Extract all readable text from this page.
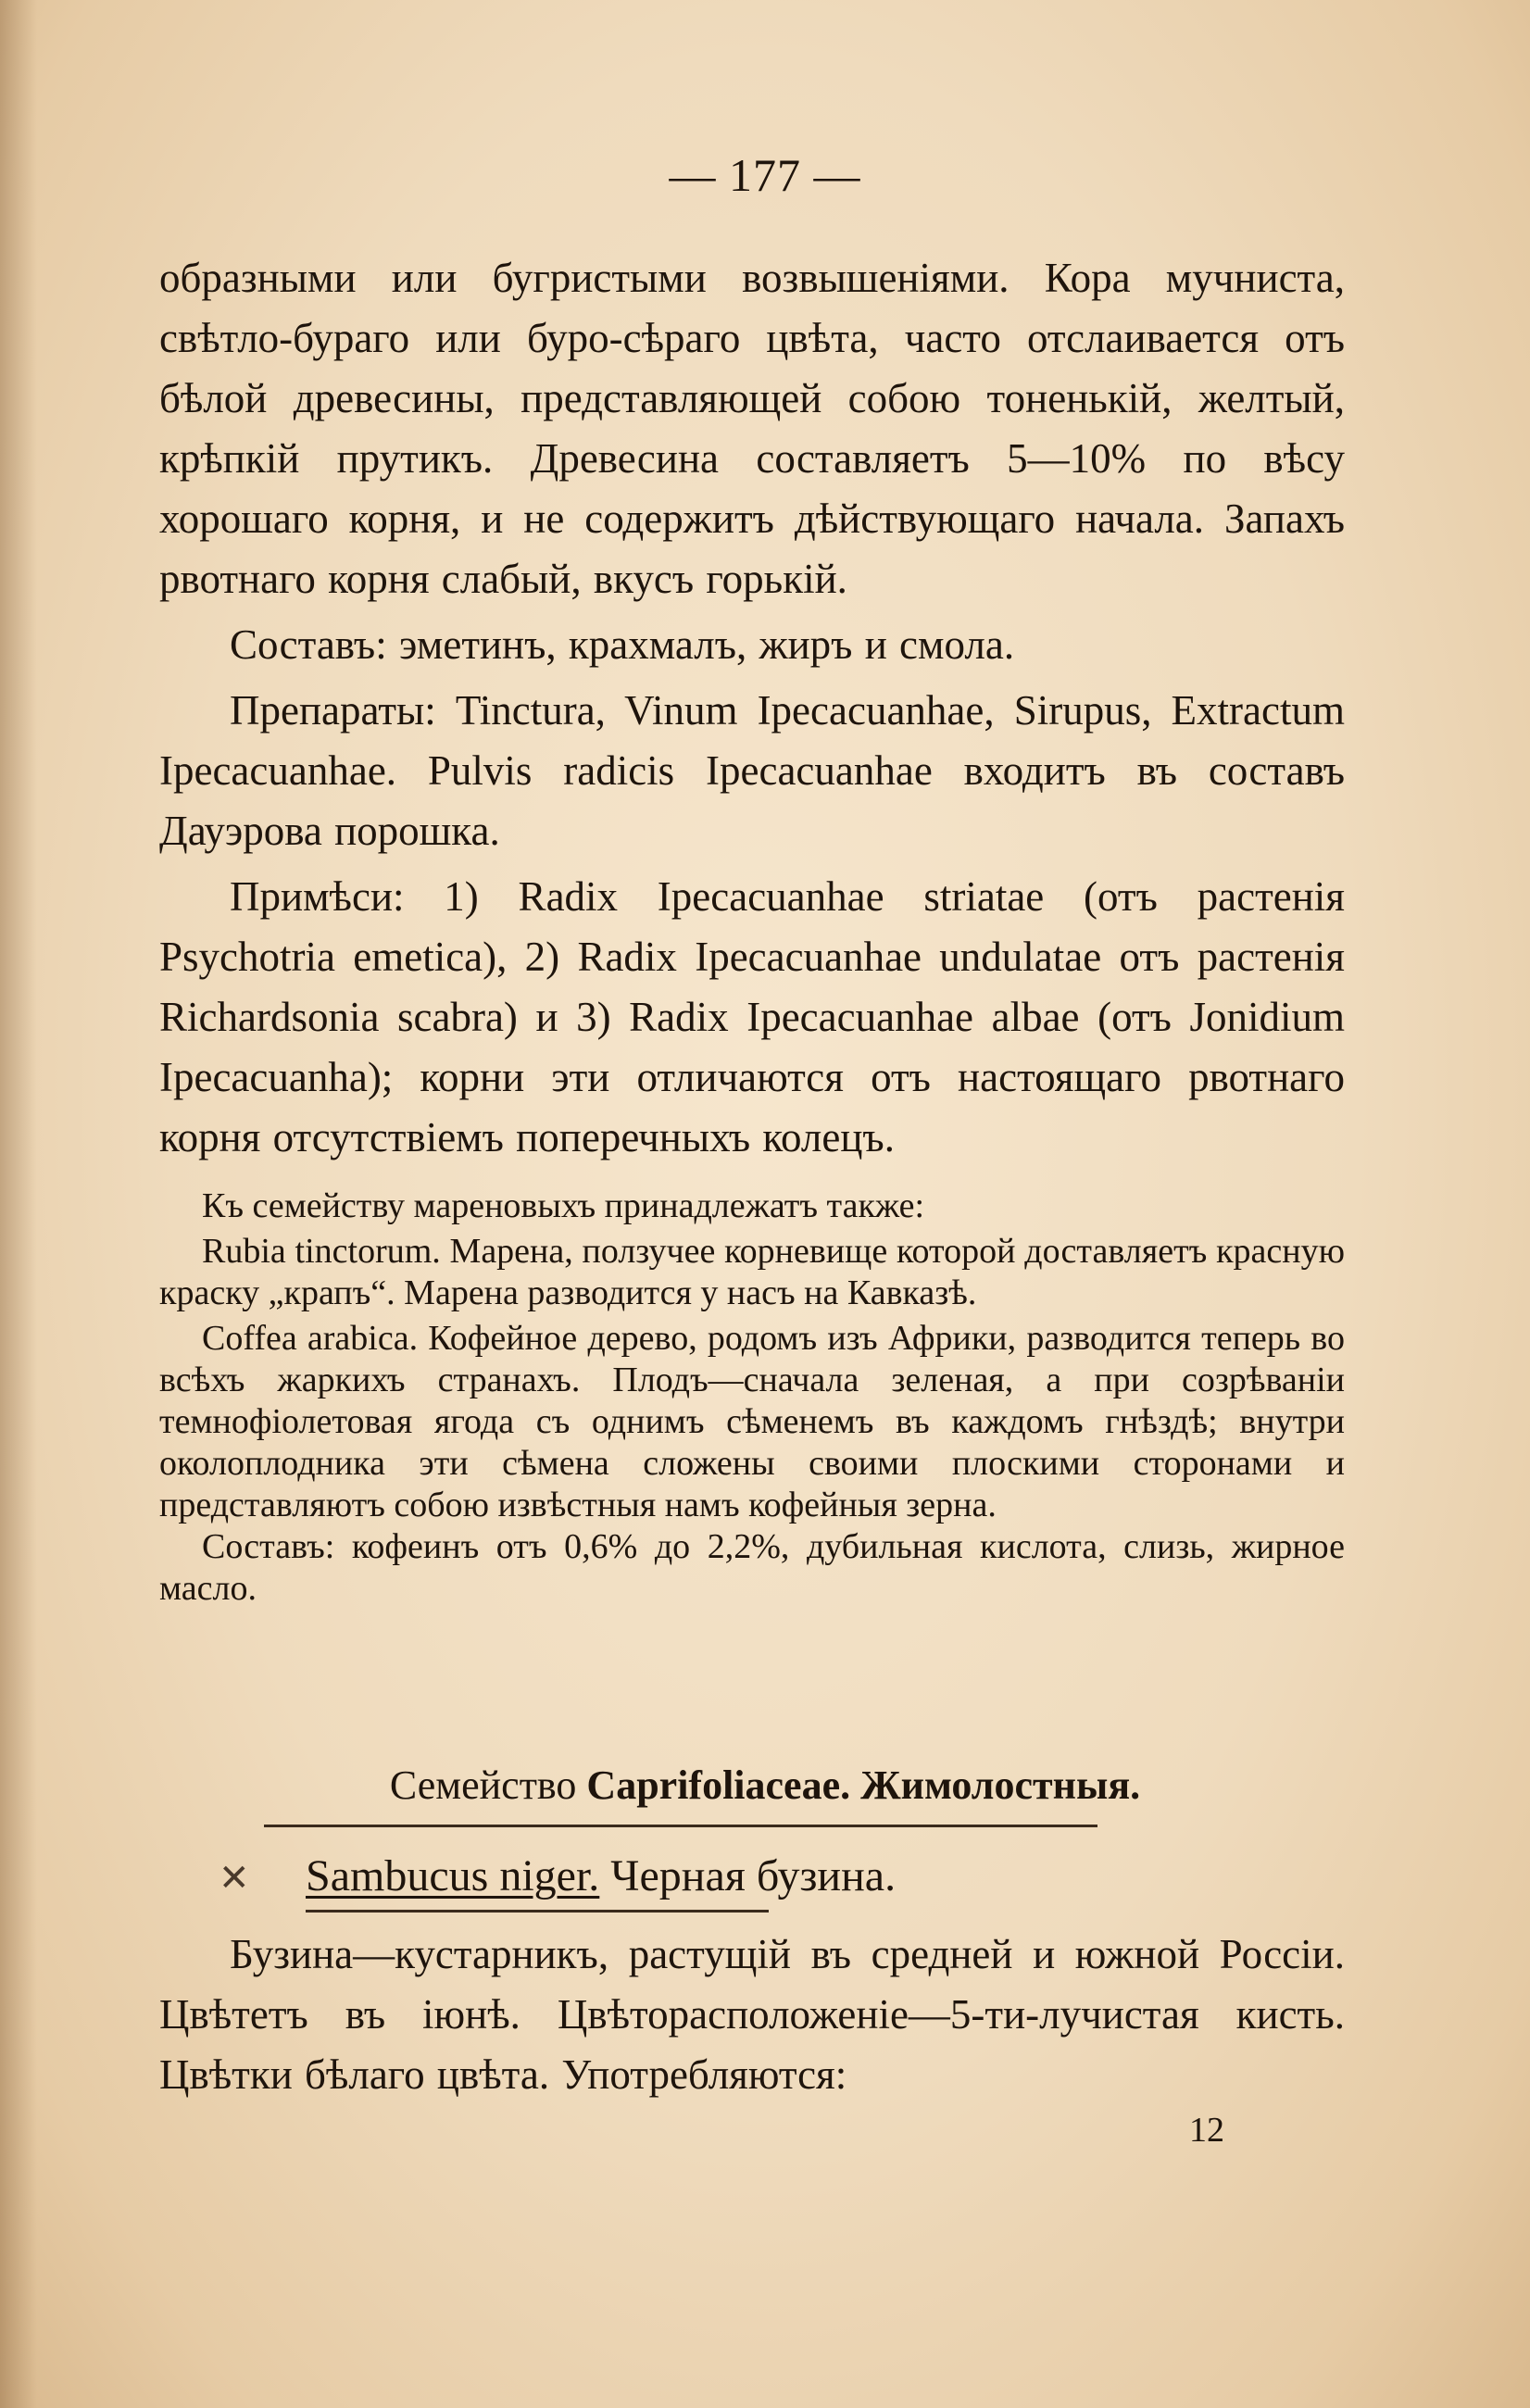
— 177 —

образными или бугристыми возвышеніями. Кора мучниста, свѣтло-бураго или буро-сѣраго цвѣта, часто отслаивается отъ бѣлой древесины, представляющей собою тоненькій, желтый, крѣпкій прутикъ. Древесина составляетъ 5—10% по вѣсу хорошаго корня, и не содержитъ дѣйствующаго начала. Запахъ рвотнаго корня слабый, вкусъ горькій.

Составъ: эметинъ, крахмалъ, жиръ и смола.

Препараты: Tinctura, Vinum Ipecacuanhae, Sirupus, Extractum Ipecacuanhae. Pulvis radicis Ipecacuanhae входитъ въ составъ Дауэрова порошка.

Примѣси: 1) Radix Ipecacuanhae striatae (отъ растенія Psychotria emetica), 2) Radix Ipecacuanhae undulatae отъ растенія Richardsonia scabra) и 3) Radix Ipecacuanhae albae (отъ Jonidium Ipecacuanha); корни эти отличаются отъ настоящаго рвотнаго корня отсутствіемъ поперечныхъ колецъ.

Къ семейству мареновыхъ принадлежатъ также:

Rubia tinctorum. Марена, ползучее корневище которой доставляетъ красную краску „крапъ“. Марена разводится у насъ на Кавказѣ.

Coffea arabica. Кофейное дерево, родомъ изъ Африки, разводится теперь во всѣхъ жаркихъ странахъ. Плодъ—сначала зеленая, а при созрѣваніи темнофіолетовая ягода съ однимъ сѣменемъ въ каждомъ гнѣздѣ; внутри околоплодника эти сѣмена сложены своими плоскими сторонами и представляютъ собою извѣстныя намъ кофейныя зерна.

Составъ: кофеинъ отъ 0,6% до 2,2%, дубильная кислота, слизь, жирное масло.

Семейство Caprifoliaceae. Жимолостныя.
✕ Sambucus niger. Черная бузина.

Бузина—кустарникъ, растущій въ средней и южной Россіи. Цвѣтетъ въ іюнѣ. Цвѣторасположеніе—5-ти-лучистая кисть. Цвѣтки бѣлаго цвѣта. Употребляются:

12
